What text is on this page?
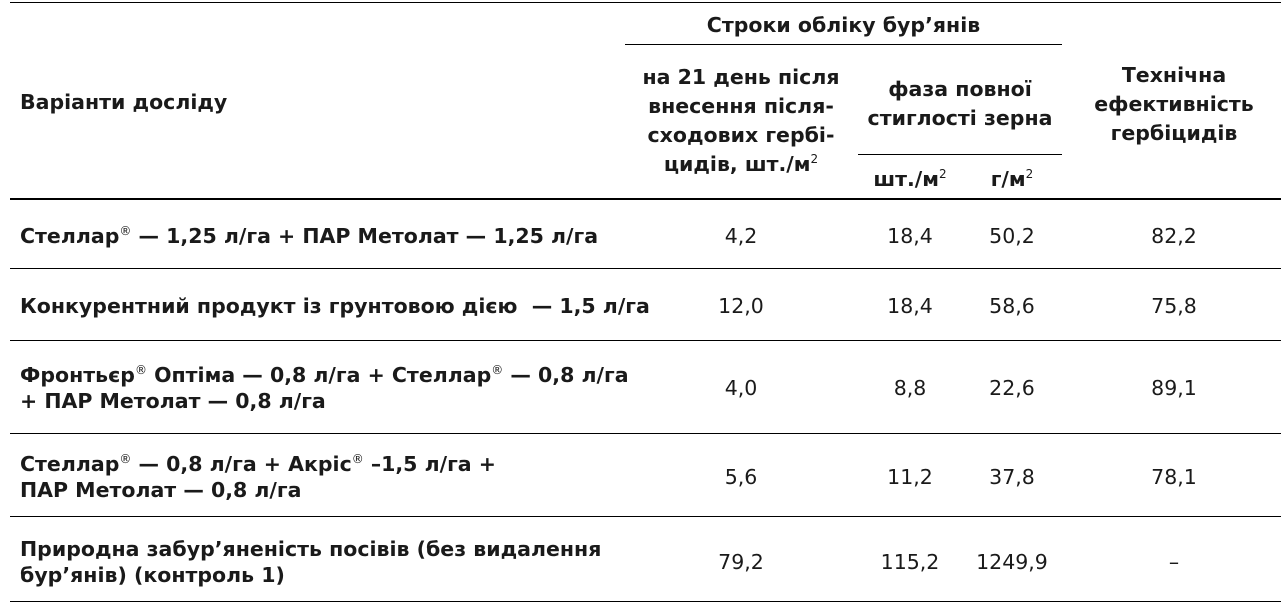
Варіанти досліду
Строки обліку бур’янів
на 21 день після
внесення після-
сходових гербі-
цидів, $шт./м^2$
фаза повної
стиглості зерна
$шт./м^2$	$г/м^2$
Технічна
ефективність
гербіцидів
Стеллар® — 1,25 л/га + ПАР Метолат — 1,25 л/га	4,2	18,4	50,2	82,2
Конкурентний продукт із грунтовою дією  — 1,5 л/га	12,0	18,4	58,6	75,8
Фронтьєр® Оптіма — 0,8 л/га + Стеллар® — 0,8 л/га
+ ПАР Метолат — 0,8 л/га
4,0	8,8	22,6	89,1
Стеллар® — 0,8 л/га + Акріс® –1,5 л/га +
ПАР Метолат — 0,8 л/га
5,6	11,2	37,8	78,1
Природна забур’яненість посівів (без видалення
бур’янів) (контроль 1)
79,2	115,2	1249,9	–
